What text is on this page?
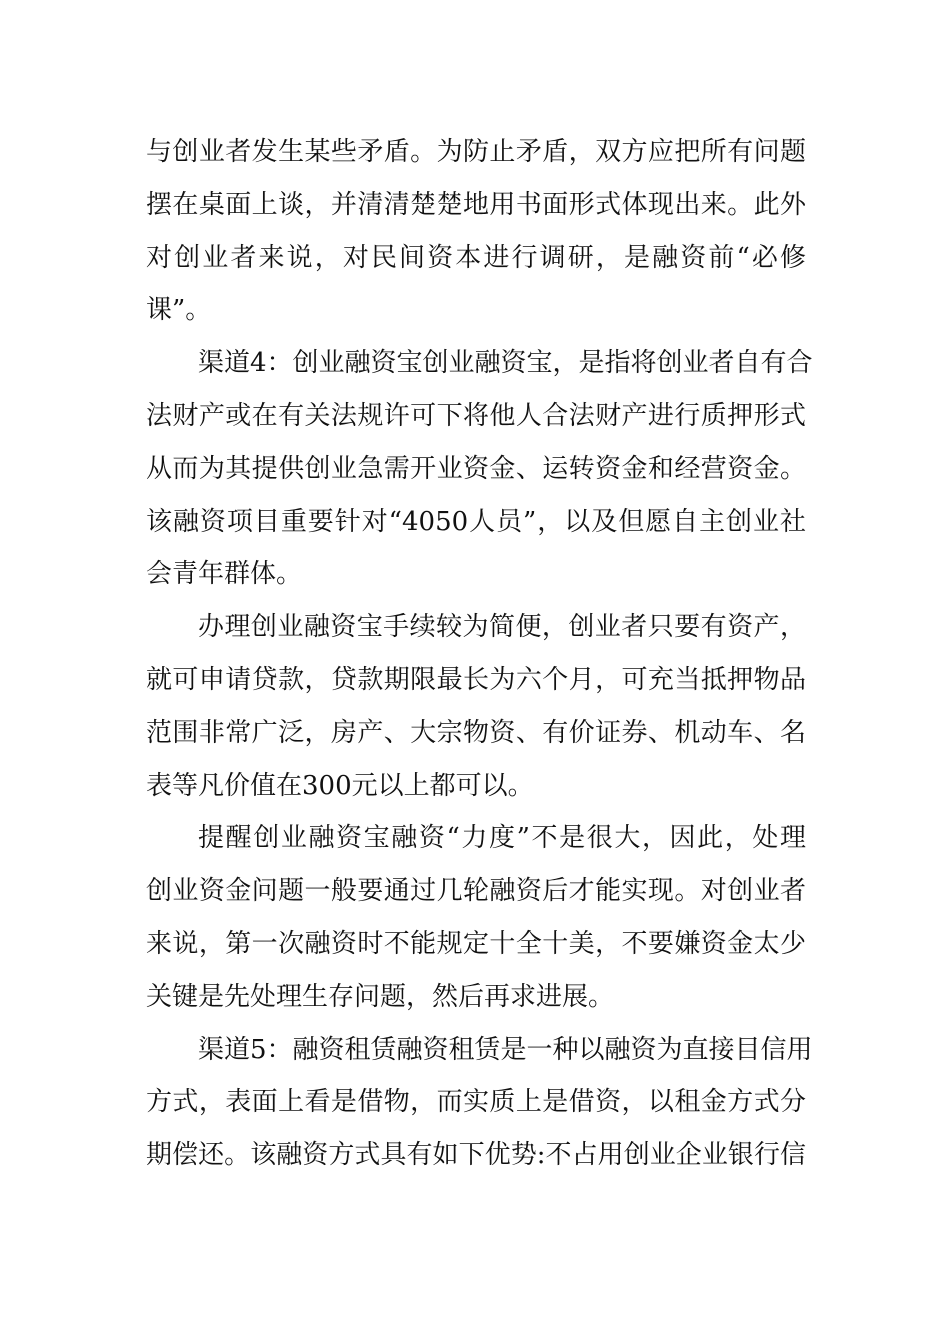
与创业者发生某些矛盾。为防止矛盾，双方应把所有问题
摆在桌面上谈，并清清楚楚地用书面形式体现出来。此外
对创业者来说，对民间资本进行调研，是融资前“必修
课”。
渠道4：创业融资宝创业融资宝，是指将创业者自有合
法财产或在有关法规许可下将他人合法财产进行质押形式
从而为其提供创业急需开业资金、运转资金和经营资金。
该融资项目重要针对“4050人员”，以及但愿自主创业社
会青年群体。
办理创业融资宝手续较为简便，创业者只要有资产，
就可申请贷款，贷款期限最长为六个月，可充当抵押物品
范围非常广泛，房产、大宗物资、有价证券、机动车、名
表等凡价值在300元以上都可以。
提醒创业融资宝融资“力度”不是很大，因此，处理
创业资金问题一般要通过几轮融资后才能实现。对创业者
来说，第一次融资时不能规定十全十美，不要嫌资金太少
关键是先处理生存问题，然后再求进展。
渠道5：融资租赁融资租赁是一种以融资为直接目信用
方式，表面上看是借物，而实质上是借资，以租金方式分
期偿还。该融资方式具有如下优势:不占用创业企业银行信
